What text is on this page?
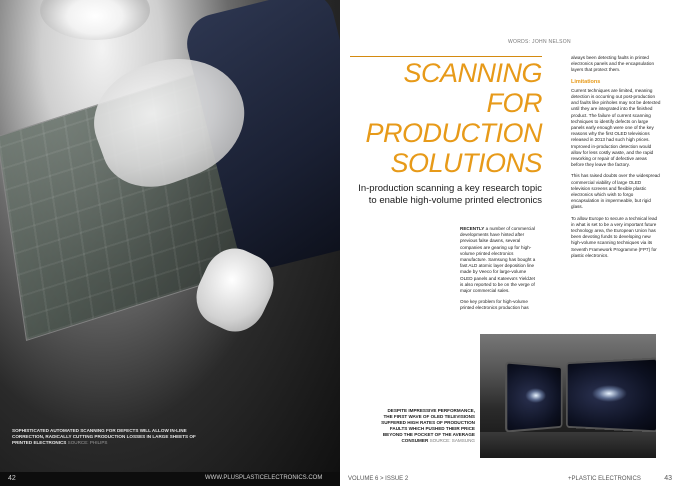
SOPHISTICATED AUTOMATED SCANNING FOR DEFECTS WILL ALLOW IN-LINE CORRECTION, RADICALLY CUTTING PRODUCTION LOSSES IN LARGE SHEETS OF PRINTED ELECTRONICS SOURCE: PHILIPS
42	WWW.PLUSPLASTICELECTRONICS.COM
WORDS: JOHN NELSON
SCANNING FOR
PRODUCTION
SOLUTIONS
In-production scanning a key research topic to enable high-volume printed electronics

RECENTLY a number of commercial developments have hinted after previous false dawns, several companies are gearing up for high-volume printed electronics manufacture. Samsung has bought a fast ALD atomic layer deposition line made by Veeco for large-volume OLED panels and Kateeva's YieldJet is also reported to be on the verge of major commercial sales.

One key problem for high-volume printed electronics production has

always been detecting faults in printed electronics panels and the encapsulation layers that protect them.

Limitations

Current techniques are limited, meaning detection is occurring out post-production and faults like pinholes may not be detected until they are integrated into the finished product. The failure of current scanning techniques to identify defects on large panels early enough were one of the key reasons why the first OLED televisions released in 2013 had such high prices. Improved in-production detection would allow for less costly waste, and the rapid reworking or repair of defective areas before they leave the factory.

This has raised doubts over the widespread commercial viability of large OLED television screens and flexible plastic electronics which wish to forgo encapsulation in impermeable, but rigid glass.

To allow Europe to secure a technical lead in what is set to be a very important future technology area, the European Union has been devoting funds to developing new high-volume scanning techniques via its Seventh Framework Programme (FP7) for plastic electronics.

DESPITE IMPRESSIVE PERFORMANCE, THE FIRST WAVE OF OLED TELEVISIONS SUFFERED HIGH RATES OF PRODUCTION FAULTS WHICH PUSHED THEIR PRICE BEYOND THE POCKET OF THE AVERAGE CONSUMER SOURCE: SAMSUNG
VOLUME 6 > ISSUE 2	+PLASTIC ELECTRONICS	43
